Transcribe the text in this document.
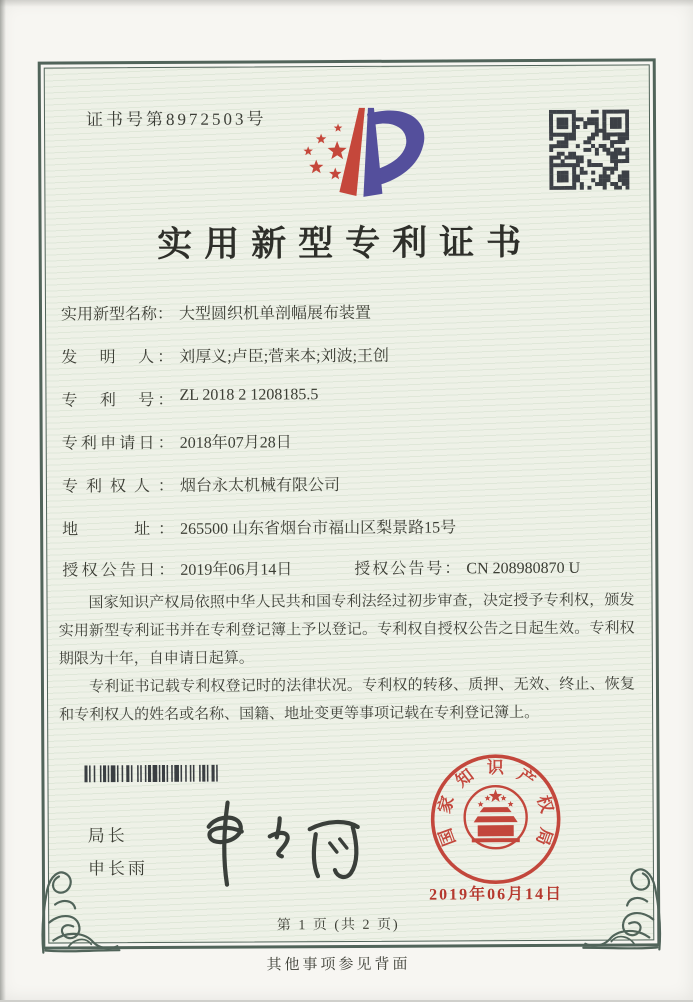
证书号第8972503号
实用新型专利证书
实用新型名称： 大型圆织机单剖幅展布装置
发　明　人： 刘厚义;卢臣;菅来本;刘波;王创
专　利　号： ZL 2018 2 1208185.5
专利申请日： 2018年07月28日
专利权人： 烟台永太机械有限公司
地　　址： 265500 山东省烟台市福山区梨景路15号
授权公告日： 2019年06月14日	授权公告号： CN 208980870 U

国家知识产权局依照中华人民共和国专利法经过初步审查，决定授予专利权，颁发实用新型专利证书并在专利登记簿上予以登记。专利权自授权公告之日起生效。专利权期限为十年，自申请日起算。

专利证书记载专利权登记时的法律状况。专利权的转移、质押、无效、终止、恢复和专利权人的姓名或名称、国籍、地址变更等事项记载在专利登记簿上。

局长
申长雨
国
家
知 识 产
权
局
2019年06月14日
第 1 页 (共 2 页)
其他事项参见背面
